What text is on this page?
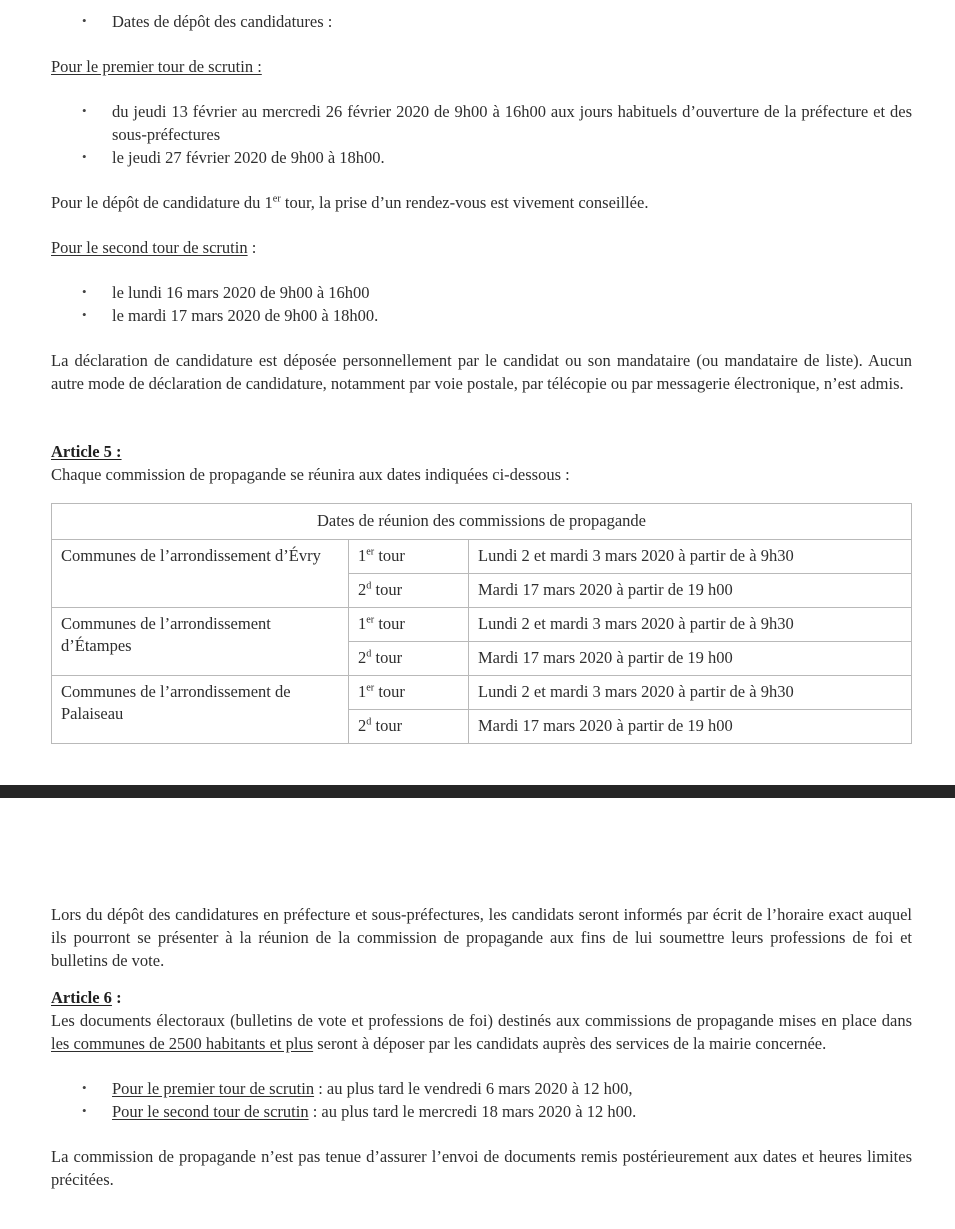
• Dates de dépôt des candidatures :

Pour le premier tour de scrutin :

• du jeudi 13 février au mercredi 26 février 2020 de 9h00 à 16h00 aux jours habituels d’ouverture de la préfecture et des sous-préfectures
• le jeudi 27 février 2020 de 9h00 à 18h00.

Pour le dépôt de candidature du 1er tour, la prise d’un rendez-vous est vivement conseillée.

Pour le second tour de scrutin :

• le lundi 16 mars 2020 de 9h00 à 16h00
• le mardi 17 mars 2020 de 9h00 à 18h00.

La déclaration de candidature est déposée personnellement par le candidat ou son mandataire (ou mandataire de liste). Aucun autre mode de déclaration de candidature, notamment par voie postale, par télécopie ou par messagerie électronique, n’est admis.

Article 5 :

Chaque commission de propagande se réunira aux dates indiquées ci-dessous :

Dates de réunion des commissions de propagande		
Communes de l’arrondissement d’Évry	1er tour	Lundi 2 et mardi 3 mars 2020 à partir de à 9h30
	2$^d$ tour	Mardi 17 mars 2020 à partir de 19 h00
Communes de l’arrondissement d’Étampes	1er tour	Lundi 2 et mardi 3 mars 2020 à partir de à 9h30
	2$^d$ tour	Mardi 17 mars 2020 à partir de 19 h00
Communes de l’arrondissement de Palaiseau	1er tour	Lundi 2 et mardi 3 mars 2020 à partir de à 9h30
	2$^d$ tour	Mardi 17 mars 2020 à partir de 19 h00

Lors du dépôt des candidatures en préfecture et sous-préfectures, les candidats seront informés par écrit de l’horaire exact auquel ils pourront se présenter à la réunion de la commission de propagande aux fins de lui soumettre leurs professions de foi et bulletins de vote.

Article 6 :

Les documents électoraux (bulletins de vote et professions de foi) destinés aux commissions de propagande mises en place dans les communes de 2500 habitants et plus seront à déposer par les candidats auprès des services de la mairie concernée.

• Pour le premier tour de scrutin : au plus tard le vendredi 6 mars 2020 à 12 h00,
• Pour le second tour de scrutin : au plus tard le mercredi 18 mars 2020 à 12 h00.

La commission de propagande n’est pas tenue d’assurer l’envoi de documents remis postérieurement aux dates et heures limites précitées.
